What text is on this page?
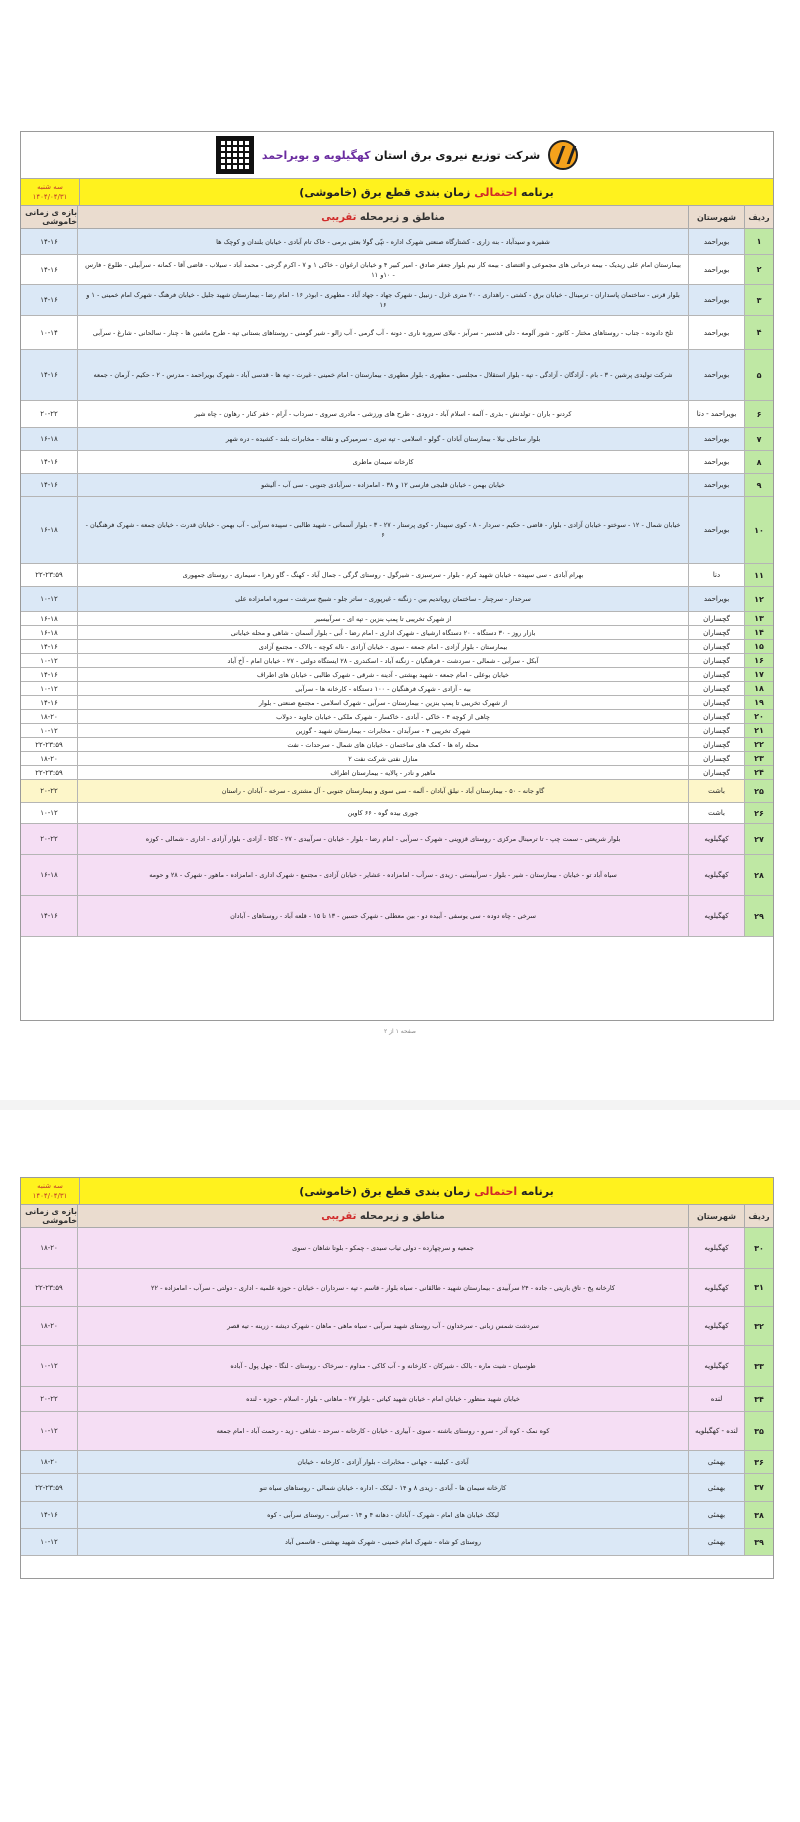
شرکت توزیع نیروی برق استان کهگیلویه و بویراحمد
برنامه

احتمالی

زمان بندی قطع برق (خاموشی)
سه شنبه
۱۴۰۴/۰۴/۳۱
ردیف
شهرستان
مناطق و زیرمحله

تقریبی
بازه ی زمانی خاموشی
۱
بویراحمد
شفیره و سیدآباد - بنه زاری - کشتارگاه صنعتی شهرک اداره - تپّی گولا بعثی برمی - خاک تام آبادی - خیابان بلندان و کوچک ها
۱۴-۱۶
۲
بویراحمد
بیمارستان امام علی زیدیک - بیمه درمانی های مجموعی و اقتضای - بیمه کار نیم بلوار جعفر صادق - امیر کبیر ۴ و خیابان ارغوان - خاکی ۱ و ۷ - اکرم گرجی - محمد آباد - سیلاب - قاضی آقا - کمانه - سرآبیلی - طلوع - فارس - ۱۰و ۱۱
۱۴-۱۶
۳
بویراحمد
بلوار قرنی - ساختمان پاسداران - ترمینال - خیابان برق - کشتی - راهداری - ۲۰ متری غزل - زنبیل - شهرک جهاد - جهاد آباد - مطهری - ابوذر ۱۶ - امام رضا - بیمارستان شهید جلیل - خیابان فرهنگ - شهرک امام خمینی - ۱ و ۱۶
۱۴-۱۶
۴
بویراحمد
تلخ دادوده - جناب - روستاهای مختار - کاتور - شور آلومه - دلی قدسیر - سرآبز - نیلای سروره ناری - دونه - آب گرمی - آب زالو - شیر گومنی - روستاهای بستانی تپه - طرح ماشین ها - چنار - سالحانی - شارغ - سرآبی
۱۰-۱۴
۵
بویراحمد
شرکت تولیدی پرشین - ۳ - بام - آزادگان - آزادگی - تپه - بلوار استقلال - مجلسی - مطهری - بلوار مطهری - بیمارستان - امام خمینی - غیرت - تپه ها - قدسی آباد - شهرک بویراحمد - مدرس - ۲ - حکیم - آرمان - جمعه
۱۴-۱۶
۶
بویراحمد - دنا
کردنو - باران - تولدنش - بذری - آلمه - اسلام آباد - درودی - طرح های ورزشی - مادری سروی - سرداب - آرام - خفر کنار - رهاون - چاه شیر
۲۰-۲۲
۷
بویراحمد
بلوار ساحلی نیلا - بیمارستان آبادان - گولو - اسلامی - تپه تبری - سرمیرکی و نقاله - مخابرات بلند - کشیده - دره شهر
۱۶-۱۸
۸
بویراحمد
کارخانه سیمان ماطری
۱۴-۱۶
۹
بویراحمد
خیابان بهمن - خیابان قلیجی فارسی ۱۲ و ۳۸ - امامزاده - سرآبادی جنوبی - سی آب - آلیشو
۱۴-۱۶
۱۰
بویراحمد
خیابان شمال - ۱۲ - سوختو - خیابان آزادی - بلوار - قاضی - حکیم - سردار - ۸ - کوی سپیدار - کوی پرستار - ۲۷ - ۳ - بلوار آسمانی - شهید طالبی - سپیده سرآبی - آب بهمن - خیابان قدرت - خیابان جمعه - شهرک فرهنگیان - ۶
۱۶-۱۸
۱۱
دنا
بهرام آبادی - سی سپیده - خیابان شهید کرم - بلوار - سرسبزی - شیرگول - روستای گرگی - جمال آباد - کهنگ - گاو زهرا - سیماری - روستای جمهوری
۲۲-۲۳:۵۹
۱۲
بویراحمد
سرحدار - سرچنار - ساختمان رویاندیم بین - زنگنه - غیرپوری - ساتر جلو - شبیخ سرشت - سوره امامزاده علی
۱۰-۱۲
۱۳
گچساران
از شهرک تخریبی تا پمپ بنزین - تپه ای - سرآبیسیر
۱۶-۱۸
۱۴
گچساران
بازار روز - ۳۰ دستگاه - ۲۰ دستگاه ارشیای - شهرک اداری - امام رضا - آبی - بلوار آسمان - شاهی و محله خیابانی
۱۶-۱۸
۱۵
گچساران
بیمارستان - بلوار آزادی - امام جمعه - سوی - خیابان آزادی - ناله کوچه - بالاک - مجتمع آزادی
۱۴-۱۶
۱۶
گچساران
آبکل - سرآبی - شمالی - سردشت - فرهنگیان - زنگنه آباد - اسکندری - ۲۸ ایستگاه دولتی - ۲۷ - خیابان امام - آخ آباد
۱۰-۱۲
۱۷
گچساران
خیابان بوعلی - امام جمعه - شهید بهشتی - آدینه - شرقی - شهرک طالبی - خیابان های اطراف
۱۴-۱۶
۱۸
گچساران
بیه - آزادی - شهرک فرهنگیان - ۱۰۰ دستگاه - کارخانه ها - سرآبی
۱۰-۱۲
۱۹
گچساران
از شهرک تخریبی تا پمپ بنزین - بیمارستان - سرآبی - شهرک اسلامی - مجتمع صنعتی - بلوار
۱۴-۱۶
۲۰
گچساران
چاهی از کوچه ۴ - خاکی - آبادی - خاکسار - شهرک ملکی - خیابان جاوید - دولاب
۱۸-۲۰
۲۱
گچساران
شهرک تخریبی ۴ - سرآبدان - مخابرات - بیمارستان شهید - گوزین
۱۰-۱۲
۲۲
گچساران
محله راه ها - کمک های ساختمان - خیابان های شمال - سرحدات - نفت
۲۲-۲۳:۵۹
۲۳
گچساران
منازل نفتی شرکت نفت ۲
۱۸-۲۰
۲۴
گچساران
ماهیر و نادر - پالایه - بیمارستان اطراف
۲۲-۲۳:۵۹
۲۵
باشت
گاو جانه - ۵۰ - بیمارستان آباد - نیلق آبادان - آلمه - سی سوی و بیمارستان جنوبی - آل مشتری - سرخه - آبادان - راستان
۲۰-۲۲
۲۶
باشت
جوری بیده گوه - ۶۶ کاوین
۱۰-۱۲
۲۷
کهگیلویه
بلوار شریعتی - سمت چپ - تا ترمینال مرکزی - روستای قزوینی - شهرک - سرآبی - امام رضا - بلوار - خیابان - سرآبیدی - ۲۷ - کاکا - آزادی - بلوار آزادی - اداری - شمالی - کوزه
۲۰-۲۲
۲۸
کهگیلویه
سیاه آباد تو - خیابان - بیمارستان - شیر - بلوار - سرآبیستی - زیدی - سرآب - امامزاده - عشایر - خیابان آزادی - مجتمع - شهرک اداری - امامزاده - ماهور - شهرک - ۲۸ و حومه
۱۶-۱۸
۲۹
کهگیلویه
سرخی - چاه دوده - سی یوسفی - آبیده دو - بین معطلی - شهرک حسین - ۱۳ تا ۱۵ - قلعه آباد - روستاهای - آبادان
۱۴-۱۶
صفحه ۱ از ۲
برنامه

احتمالی

زمان بندی قطع برق (خاموشی)
سه شنبه
۱۴۰۴/۰۴/۳۱
ردیف
شهرستان
مناطق و زیرمحله

تقریبی
بازه ی زمانی خاموشی
۳۰
کهگیلویه
جمعیه و سرچهارده - دولی تیاب سیدی - چمکو - بلوتا شاهان - سوی
۱۸-۲۰
۳۱
کهگیلویه
کارخانه پخ - تاق بازیتی - جاده - ۲۴ سرآبیدی - بیمارستان شهید - طالقانی - سیاه بلوار - قاسم - تپه - سرداران - خیابان - حوزه علمیه - اداری - دولتی - سرآب - امامزاده - ۲۲
۲۲-۲۳:۵۹
۳۲
کهگیلویه
سردشت شمس زبانی - سرخداون - آب روستای شهید سرآبی - سیاه ماهی - ماهان - شهرک دیشه - زرینه - تیه قصر
۱۸-۲۰
۳۳
کهگیلویه
طوسیان - شیت ماره - بالک - شیرکان - کارخانه و - آب کاکی - مداوم - سرخاک - روستای - لنگا - جهل پول - آباده
۱۰-۱۲
۳۴
لنده
خیابان شهید منظور - خیابان امام - خیابان شهید کیانی - بلوار ۲۷ - ماهانی - بلوار - اسلام - حوزه - لنده
۲۰-۲۲
۳۵
لنده - کهگیلویه
کوه نمک - کوه آدر - سرو - روستای باشته - سوی - آبیاری - خیابان - کارخانه - سرحد - شاهی - زید - رحمت آباد - امام جمعه
۱۰-۱۲
۳۶
بهمئی
آبادی - کیلینه - جهانی - مخابرات - بلوار آزادی - کارخانه - خیابان
۱۸-۲۰
۳۷
بهمئی
کارخانه سیمان ها - آبادی - زیدی ۸ و ۱۴ - لیکک - اداره - خیابان شمالی - روستاهای سیاه تنو
۲۲-۲۳:۵۹
۳۸
بهمئی
لیکک خیابان های امام - شهرک - آبادان - دهانه ۴ و ۱۴ - سرآبی - روستای سرآبی - کوه
۱۴-۱۶
۳۹
بهمئی
روستای کو شاه - شهرک امام خمینی - شهرک شهید بهشتی - قاسمی آباد
۱۰-۱۲
